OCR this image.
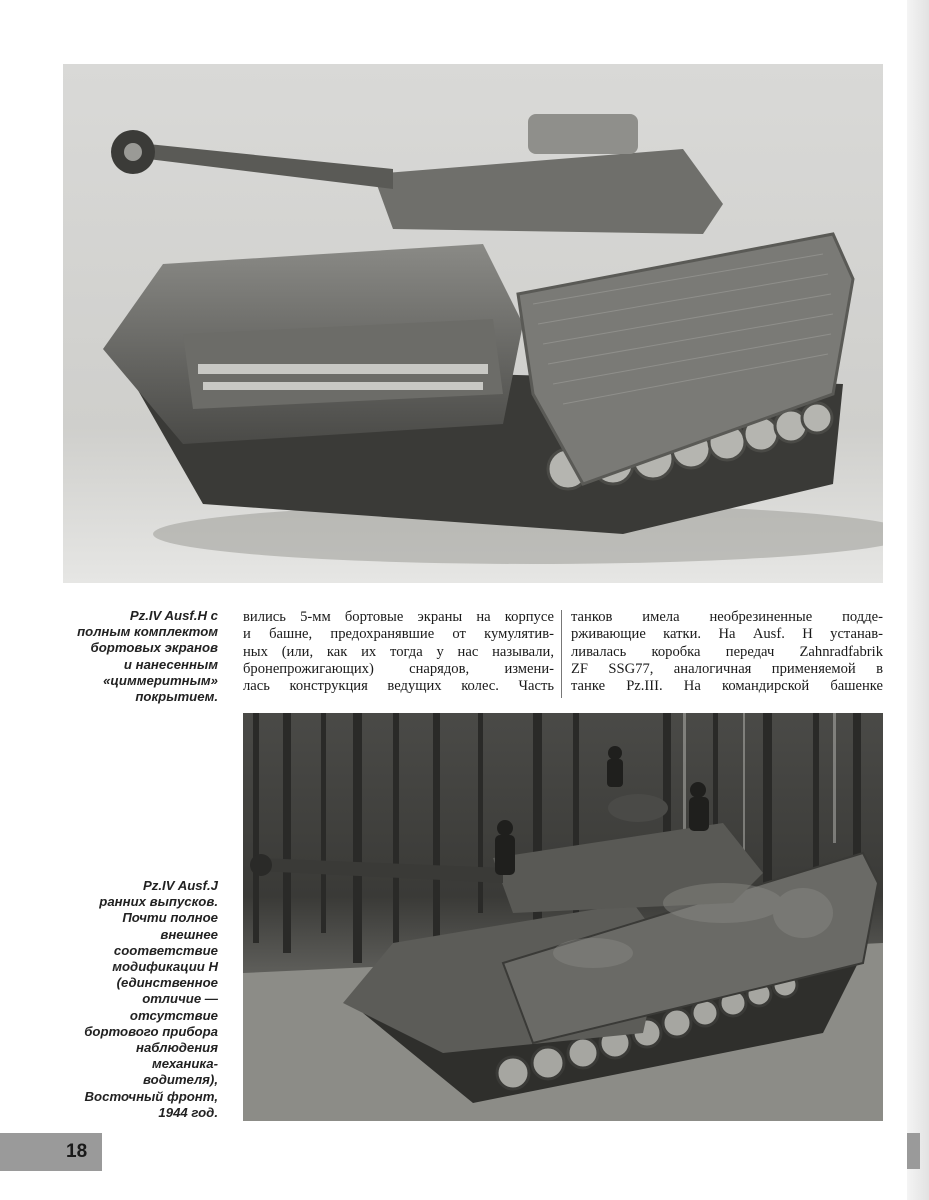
Pz.IV Ausf.H с
полным комплектом
бортовых экранов
и нанесенным
«циммеритным»
покрытием.
вились 5-мм бортовые экраны на корпусе
и башне, предохранявшие от кумулятив-
ных (или, как их тогда у нас называли,
бронепрожигающих) снарядов, измени-
лась конструкция ведущих колес. Часть
танков имела необрезиненные подде-
рживающие катки. На Ausf. H устанав-
ливалась коробка передач Zahnradfabrik
ZF SSG77, аналогичная применяемой в
танке Pz.III. На командирской башенке
Pz.IV Ausf.J
ранних выпусков.
Почти полное
внешнее
соответствие
модификации H
(единственное
отличие —
отсутствие
бортового прибора
наблюдения
механика-
водителя),
Восточный фронт,
1944 год.
18
